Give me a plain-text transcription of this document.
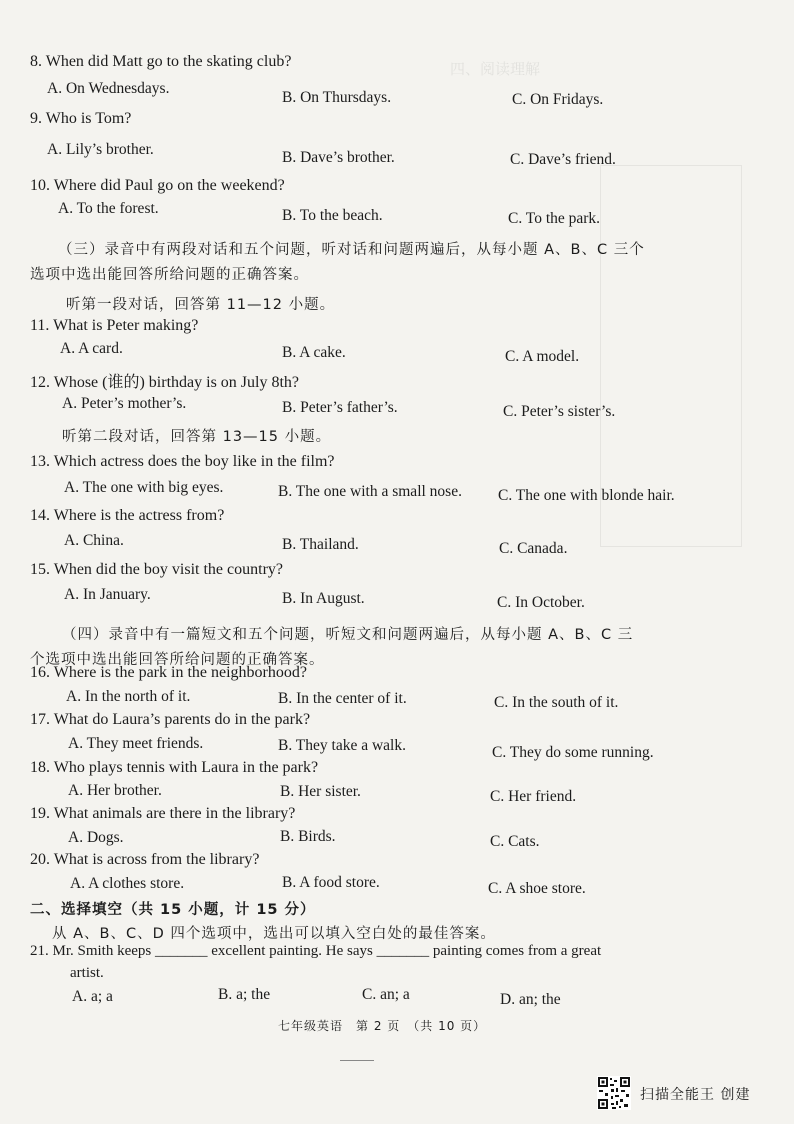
四、阅读理解
8. When did Matt go to the skating club?
A. On Wednesdays.
B. On Thursdays.	C. On Fridays.
9. Who is Tom?
A. Lily’s brother.	B. Dave’s brother.	C. Dave’s friend.
10. Where did Paul go on the weekend?
A. To the forest.	B. To the beach.	C. To the park.
（三）录音中有两段对话和五个问题，听对话和问题两遍后，从每小题 A、B、C 三个
选项中选出能回答所给问题的正确答案。
听第一段对话，回答第 11—12 小题。
11. What is Peter making?
A. A card.	B. A cake.	C. A model.
12. Whose (谁的) birthday is on July 8th?
A. Peter’s mother’s.	B. Peter’s father’s.	C. Peter’s sister’s.
听第二段对话，回答第 13—15 小题。
13. Which actress does the boy like in the film?
A. The one with big eyes.	B. The one with a small nose. C. The one with blonde hair.
14. Where is the actress from?
A. China.	B. Thailand.	C. Canada.
15. When did the boy visit the country?
A. In January.	B. In August.	C. In October.
（四）录音中有一篇短文和五个问题，听短文和问题两遍后，从每小题 A、B、C 三
个选项中选出能回答所给问题的正确答案。
16. Where is the park in the neighborhood?
A. In the north of it.	B. In the center of it.	C. In the south of it.
17. What do Laura’s parents do in the park?
A. They meet friends.	B. They take a walk.	C. They do some running.
18. Who plays tennis with Laura in the park?
A. Her brother.	B. Her sister.	C. Her friend.
19. What animals are there in the library?
A. Dogs.	B. Birds.	C. Cats.
20. What is across from the library?
A. A clothes store.	B. A food store.	C. A shoe store.
二、选择填空（共 15 小题，计 15 分）
从 A、B、C、D 四个选项中，选出可以填入空白处的最佳答案。
21. Mr. Smith keeps _______ excellent painting. He says _______ painting comes from a great
artist.
A. a; a	B. a; the	C. an; a	D. an; the
七年级英语　第 2 页　（共 10 页）
扫描全能王 创建
